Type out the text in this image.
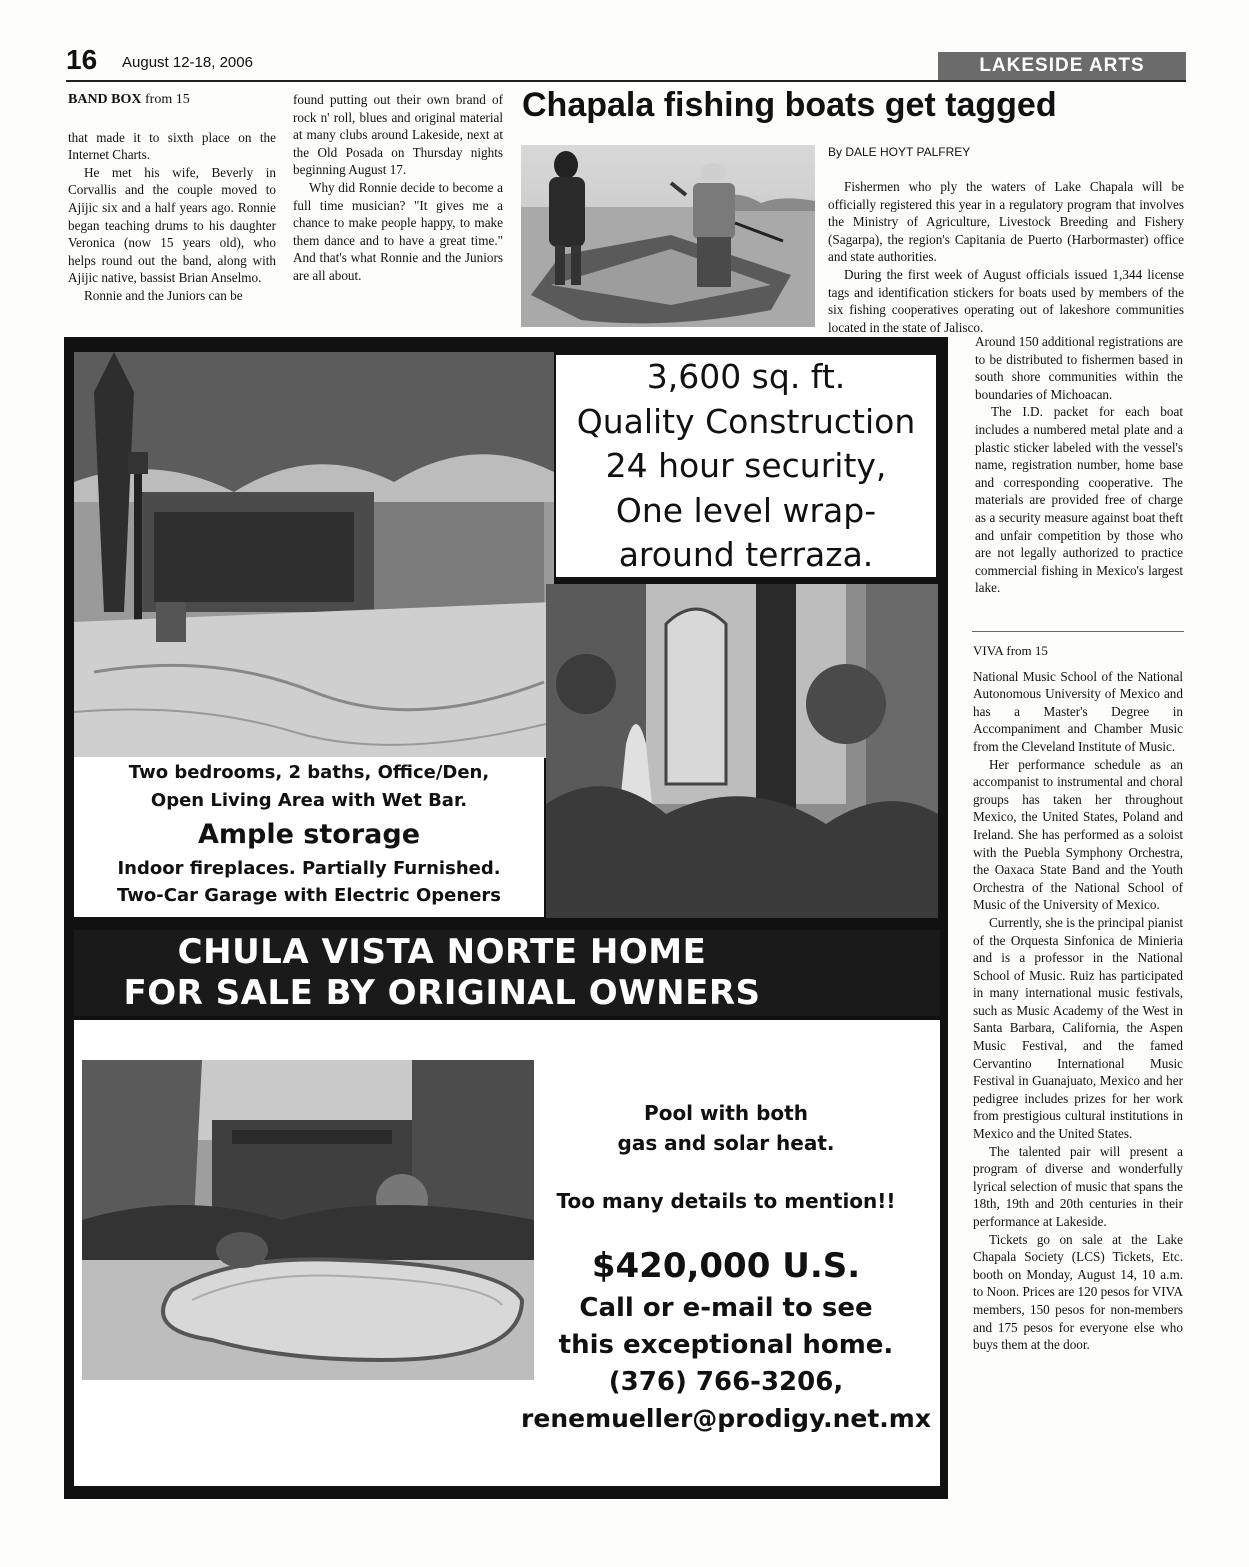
16 August 12-18, 2006	LAKESIDE ARTS

BAND BOX from 15

that made it to sixth place on the Internet Charts.

He met his wife, Beverly in Corvallis and the couple moved to Ajijic six and a half years ago. Ronnie began teaching drums to his daughter Veronica (now 15 years old), who helps round out the band, along with Ajijic native, bassist Brian Anselmo.

Ronnie and the Juniors can be

found putting out their own brand of rock n' roll, blues and original material at many clubs around Lakeside, next at the Old Posada on Thursday nights beginning August 17.

Why did Ronnie decide to become a full time musician? "It gives me a chance to make people happy, to make them dance and to have a great time." And that's what Ronnie and the Juniors are all about.

Chapala fishing boats get tagged
By DALE HOYT PALFREY

Fishermen who ply the waters of Lake Chapala will be officially registered this year in a regulatory program that involves the Ministry of Agriculture, Livestock Breeding and Fishery (Sagarpa), the region's Capitania de Puerto (Harbormaster) office and state authorities.

During the first week of August officials issued 1,344 license tags and identification stickers for boats used by members of the six fishing cooperatives operating out of lakeshore communities located in the state of Jalisco.

Around 150 additional registrations are to be distributed to fishermen based in south shore communities within the boundaries of Michoacan.

The I.D. packet for each boat includes a numbered metal plate and a plastic sticker labeled with the vessel's name, registration number, home base and corresponding cooperative. The materials are provided free of charge as a security measure against boat theft and unfair competition by those who are not legally authorized to practice commercial fishing in Mexico's largest lake.

VIVA from 15

National Music School of the National Autonomous University of Mexico and has a Master's Degree in Accompaniment and Chamber Music from the Cleveland Institute of Music.

Her performance schedule as an accompanist to instrumental and choral groups has taken her throughout Mexico, the United States, Poland and Ireland. She has performed as a soloist with the Puebla Symphony Orchestra, the Oaxaca State Band and the Youth Orchestra of the National School of Music of the University of Mexico.

Currently, she is the principal pianist of the Orquesta Sinfonica de Minieria and is a professor in the National School of Music. Ruiz has participated in many international music festivals, such as Music Academy of the West in Santa Barbara, California, the Aspen Music Festival, and the famed Cervantino International Music Festival in Guanajuato, Mexico and her pedigree includes prizes for her work from prestigious cultural institutions in Mexico and the United States.

The talented pair will present a program of diverse and wonderfully lyrical selection of music that spans the 18th, 19th and 20th centuries in their performance at Lakeside.

Tickets go on sale at the Lake Chapala Society (LCS) Tickets, Etc. booth on Monday, August 14, 10 a.m. to Noon. Prices are 120 pesos for VIVA members, 150 pesos for non-members and 175 pesos for everyone else who buys them at the door.

3,600 sq. ft.
Quality Construction
24 hour security,
One level wrap-
around terraza.
Two bedrooms, 2 baths, Office/Den,
Open Living Area with Wet Bar.
Ample storage
Indoor fireplaces. Partially Furnished.
Two-Car Garage with Electric Openers
CHULA VISTA NORTE HOME
FOR SALE BY ORIGINAL OWNERS
Pool with both
gas and solar heat.
Too many details to mention!!
$420,000 U.S.
Call or e-mail to see
this exceptional home.
(376) 766-3206,
renemueller@prodigy.net.mx
